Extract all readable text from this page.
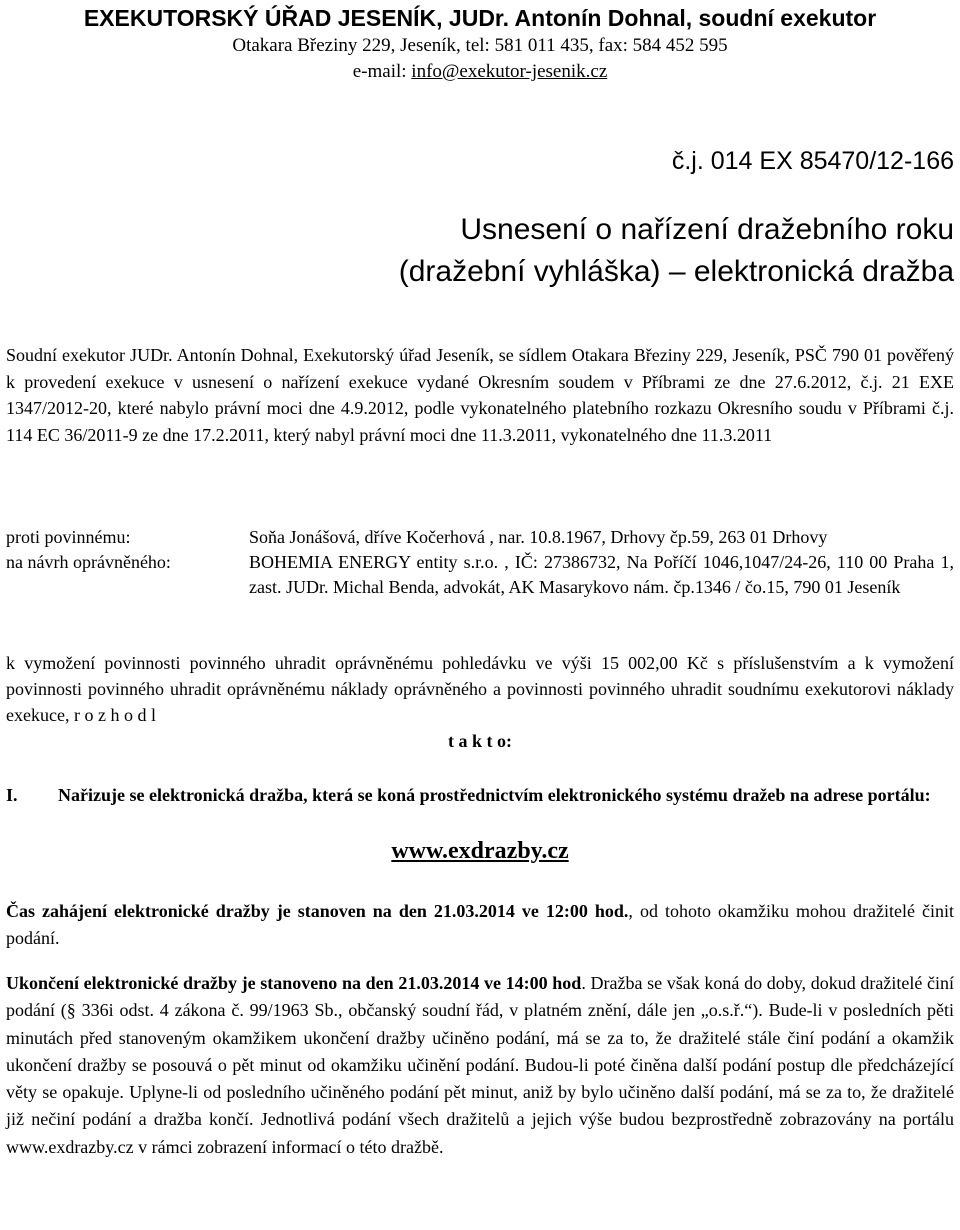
EXEKUTORSKÝ ÚŘAD JESENÍK, JUDr. Antonín Dohnal, soudní exekutor
Otakara Březiny 229, Jeseník, tel: 581 011 435, fax: 584 452 595
e-mail: info@exekutor-jesenik.cz
č.j. 014 EX 85470/12-166
Usnesení o nařízení dražebního roku
(dražební vyhláška) – elektronická dražba
Soudní exekutor JUDr. Antonín Dohnal, Exekutorský úřad Jeseník, se sídlem Otakara Březiny 229, Jeseník, PSČ 790 01 pověřený k provedení exekuce v usnesení o nařízení exekuce vydané Okresním soudem v Příbrami ze dne 27.6.2012, č.j. 21 EXE 1347/2012-20, které nabylo právní moci dne 4.9.2012, podle vykonatelného platebního rozkazu Okresního soudu v Příbrami č.j. 114 EC 36/2011-9 ze dne 17.2.2011, který nabyl právní moci dne 11.3.2011, vykonatelného dne 11.3.2011
proti povinnému:	Soňa Jonášová, dříve Kočerhová , nar. 10.8.1967, Drhovy čp.59, 263 01 Drhovy
na návrh oprávněného:	BOHEMIA ENERGY entity s.r.o. , IČ: 27386732, Na Poříčí 1046,1047/24-26, 110 00 Praha 1, zast. JUDr. Michal Benda, advokát, AK Masarykovo nám. čp.1346 / čo.15, 790 01 Jeseník
k vymožení povinnosti povinného uhradit oprávněnému pohledávku ve výši 15 002,00 Kč s příslušenstvím a k vymožení povinnosti povinného uhradit oprávněnému náklady oprávněného a povinnosti povinného uhradit soudnímu exekutorovi náklady exekuce, r o z h o d l
t a k t o:
I. Nařizuje se elektronická dražba, která se koná prostřednictvím elektronického systému dražeb na adrese portálu:
www.exdrazby.cz
Čas zahájení elektronické dražby je stanoven na den 21.03.2014 ve 12:00 hod., od tohoto okamžiku mohou dražitelé činit podání.
Ukončení elektronické dražby je stanoveno na den 21.03.2014 ve 14:00 hod. Dražba se však koná do doby, dokud dražitelé činí podání (§ 336i odst. 4 zákona č. 99/1963 Sb., občanský soudní řád, v platném znění, dále jen „o.s.ř.“). Bude-li v posledních pěti minutách před stanoveným okamžikem ukončení dražby učiněno podání, má se za to, že dražitelé stále činí podání a okamžik ukončení dražby se posouvá o pět minut od okamžiku učinění podání. Budou-li poté činěna další podání postup dle předcházející věty se opakuje. Uplyne-li od posledního učiněného podání pět minut, aniž by bylo učiněno další podání, má se za to, že dražitelé již nečiní podání a dražba končí. Jednotlivá podání všech dražitelů a jejich výše budou bezprostředně zobrazovány na portálu www.exdrazby.cz v rámci zobrazení informací o této dražbě.
